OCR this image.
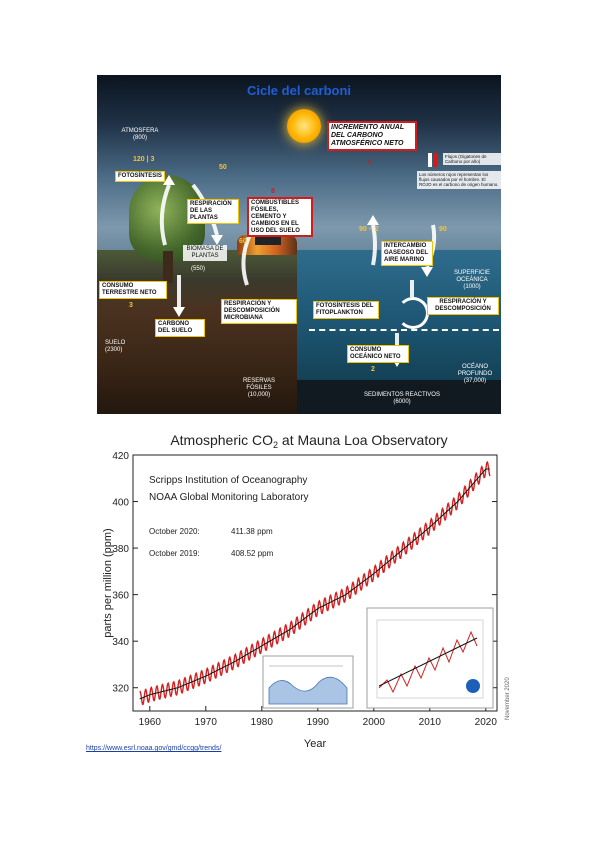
Cicle del carboni
ATMOSFERA
(800)
120 | 3
FOTOSÍNTESIS
50
RESPIRACIÓN DE LAS PLANTAS
8
COMBUSTIBLES FÓSILES, CEMENTO Y CAMBIOS EN EL USO DEL SUELO
INCREMENTO ANUAL DEL CARBONO ATMOSFÉRICO NETO
4
Flujos (Gigatones de Carbono por año)
Los números rojos representan los flujos causados por el hombre. El ROJO es el carbono de origen humano.
BIOMASA DE PLANTAS
(550)
60
CONSUMO TERRESTRE NETO
3
90 – 2
INTERCAMBIO GASEOSO DEL AIRE MARINO
90
SUPERFICIE OCEÁNICA
(1000)
FOTOSÍNTESIS DEL FITOPLANKTON
RESPIRACIÓN Y DESCOMPOSICIÓN MICROBIANA
RESPIRACIÓN Y DESCOMPOSICIÓN
CARBONO DEL SUELO
SUELO
(2300)	CONSUMO OCEÁNICO NETO
2	OCÉANO PROFUNDO
(37,000)
RESERVAS FÓSILES
(10,000)	SEDIMENTOS REACTIVOS
(6000)
Atmospheric $CO_2$ at Mauna Loa Observatory
320
340
360
380
400
420
1960	1970	1980	1990	2000	2010	2020
parts per million (ppm)
Year
Scripps Institution of Oceanography
NOAA Global Monitoring Laboratory
October 2020:	411.38 ppm
October 2019:	408.52 ppm
November 2020
https://www.esrl.noaa.gov/gmd/ccgg/trends/
